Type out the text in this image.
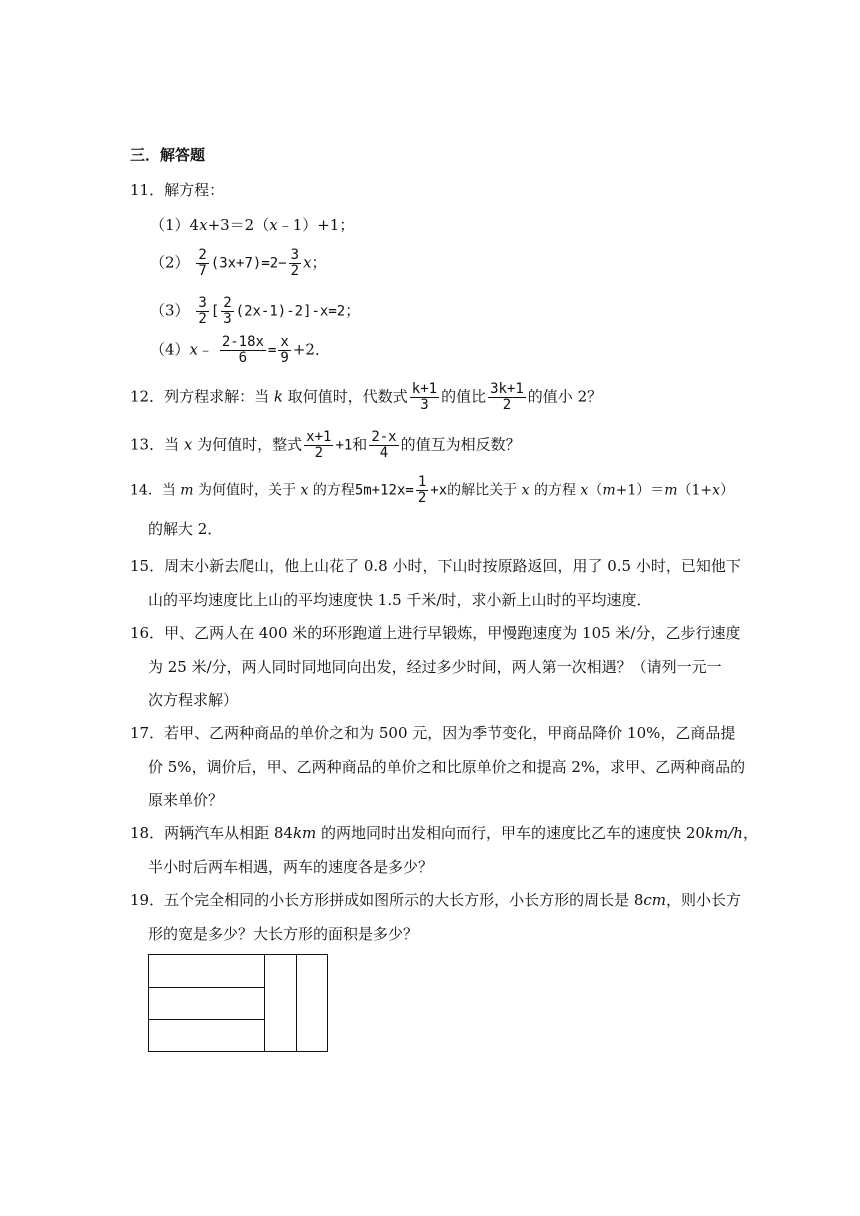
三．解答题
11．解方程：
（1）4x+3＝2（x﹣1）+1；
$(2) \frac{2}{7} (3x+7)=2- \frac{3}{2}$ x；
$(3) \frac{3}{2}$ [ $\frac{2}{3} (2x-1)-2]-x=2$；
（4）x﹣ $\frac{2-18x}{6} = \frac{x}{9} +2$．
12．列方程求解：当 k 取何值时，代数式 $\frac{k+1}{3}$ 的值比 $\frac{3k+1}{2}$ 的值小 2？
13．当 x 为何值时，整式 $\frac{x+1}{2} +1$和 $\frac{2-x}{4}$ 的值互为相反数？
14．当 m 为何值时，关于 x 的方程$5m+12x= \frac{1}{2} +x$的解比关于 x 的方程 x（m+1）＝m（1+x）
的解大 2．
15．周末小新去爬山，他上山花了 0.8 小时，下山时按原路返回，用了 0.5 小时，已知他下
山的平均速度比上山的平均速度快 1.5 千米/时，求小新上山时的平均速度．
16．甲、乙两人在 400 米的环形跑道上进行早锻炼，甲慢跑速度为 105 米/分，乙步行速度
为 25 米/分，两人同时同地同向出发，经过多少时间，两人第一次相遇？（请列一元一
次方程求解）
17．若甲、乙两种商品的单价之和为 500 元，因为季节变化，甲商品降价 10%，乙商品提
价 5%，调价后，甲、乙两种商品的单价之和比原单价之和提高 2%，求甲、乙两种商品的
原来单价？
18．两辆汽车从相距 84km 的两地同时出发相向而行，甲车的速度比乙车的速度快 20km/h，
半小时后两车相遇，两车的速度各是多少？
19．五个完全相同的小长方形拼成如图所示的大长方形，小长方形的周长是 8cm，则小长方
形的宽是多少？大长方形的面积是多少？
